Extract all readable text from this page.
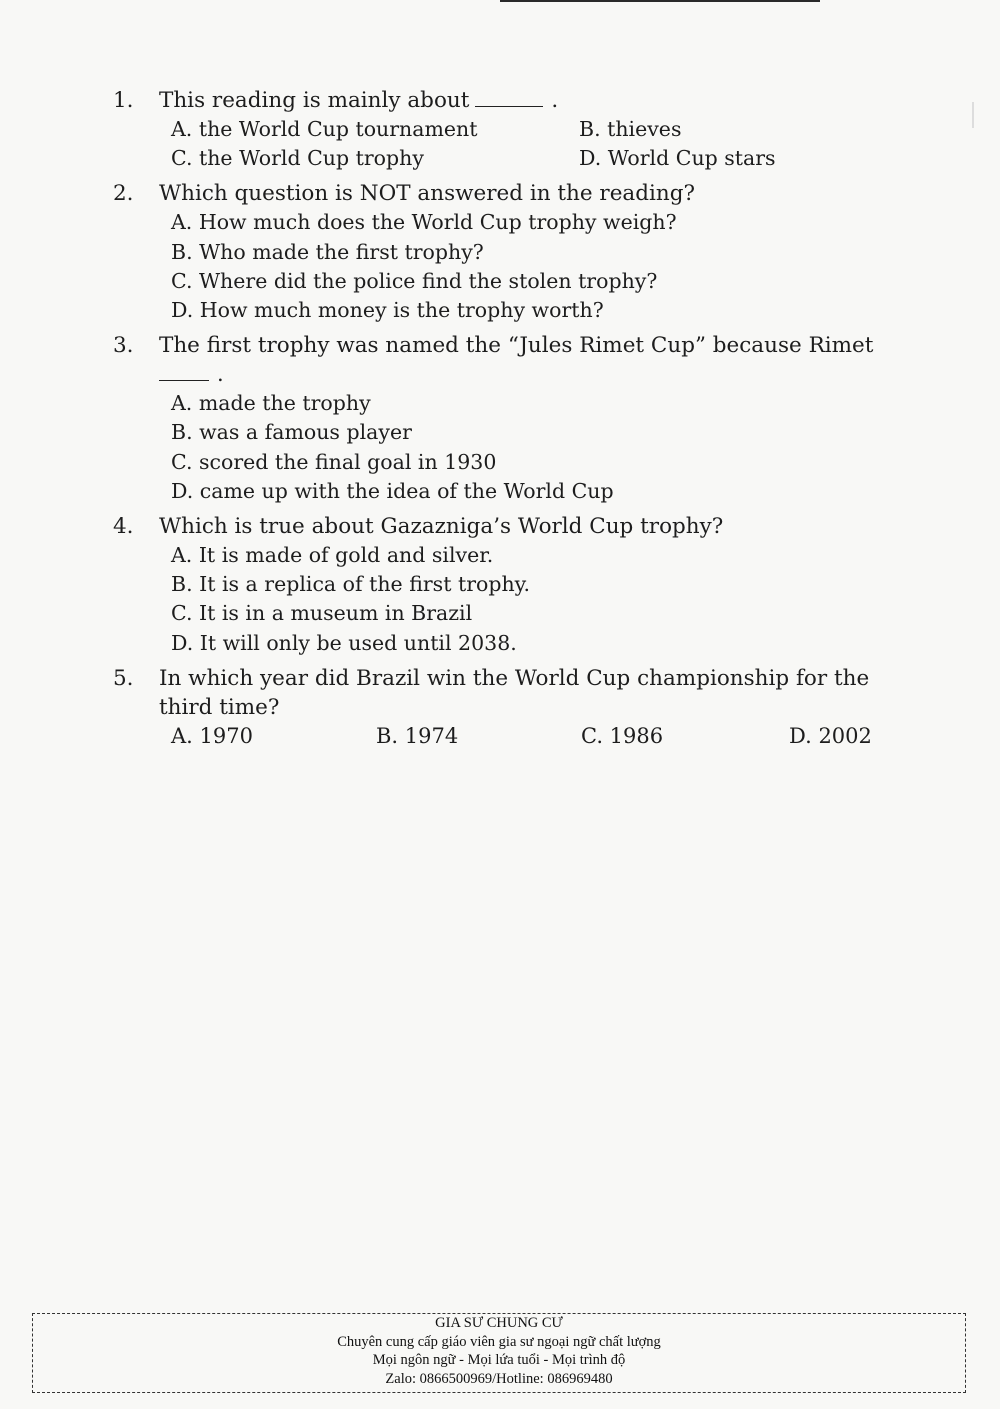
1.	This reading is mainly about	.
A. the World Cup tournament	B. thieves
C. the World Cup trophy	D. World Cup stars
2.	Which question is NOT answered in the reading?
A. How much does the World Cup trophy weigh?
B. Who made the first trophy?
C. Where did the police find the stolen trophy?
D. How much money is the trophy worth?
3.	The first trophy was named the “Jules Rimet Cup” because Rimet
.
A. made the trophy
B. was a famous player
C. scored the final goal in 1930
D. came up with the idea of the World Cup
4.	Which is true about Gazazniga’s World Cup trophy?
A. It is made of gold and silver.
B. It is a replica of the first trophy.
C. It is in a museum in Brazil
D. It will only be used until 2038.
5.	In which year did Brazil win the World Cup championship for the
third time?
A. 1970	B. 1974	C. 1986	D. 2002
GIA SƯ CHUNG CƯ
Chuyên cung cấp giáo viên gia sư ngoại ngữ chất lượng
Mọi ngôn ngữ - Mọi lứa tuổi - Mọi trình độ
Zalo: 0866500969/Hotline: 086969480
